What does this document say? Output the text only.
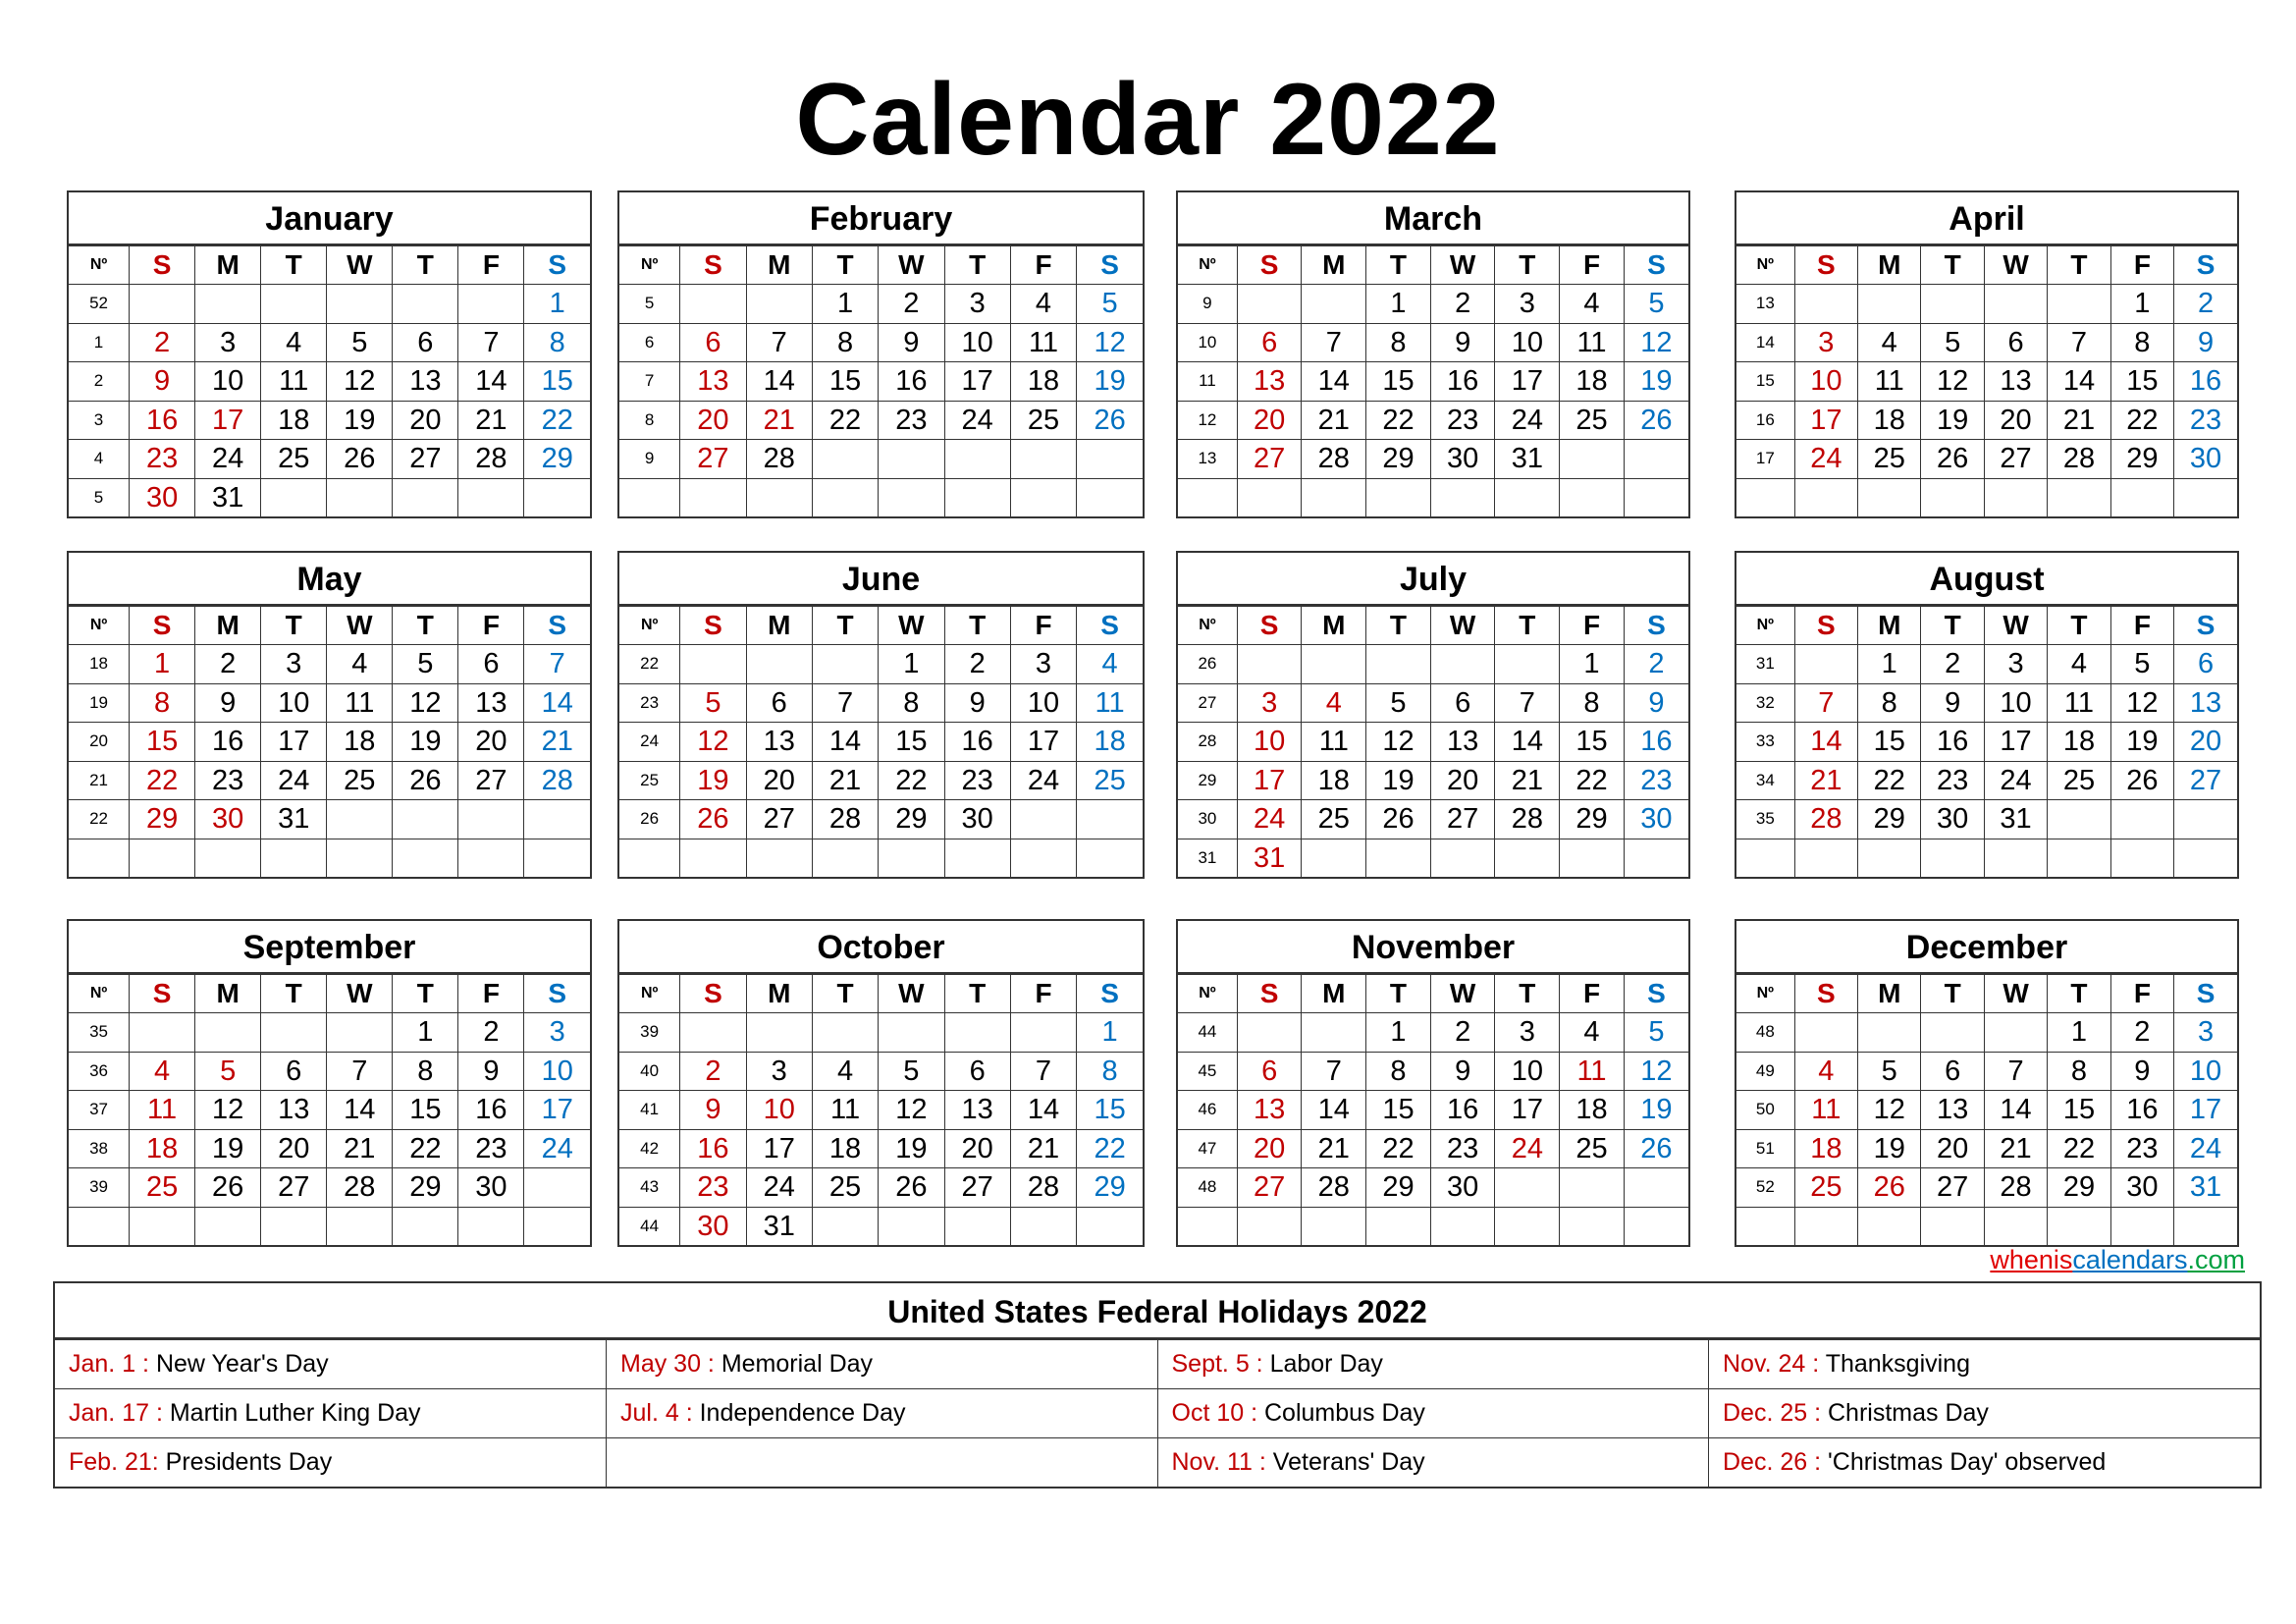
Calendar 2022
January
Nº	S	M	T	W	T	F	S
52							1
1	2	3	4	5	6	7	8
2	9	10	11	12	13	14	15
3	16	17	18	19	20	21	22
4	23	24	25	26	27	28	29
5	30	31					
February
Nº	S	M	T	W	T	F	S
5			1	2	3	4	5
6	6	7	8	9	10	11	12
7	13	14	15	16	17	18	19
8	20	21	22	23	24	25	26
9	27	28					

March
Nº	S	M	T	W	T	F	S
9			1	2	3	4	5
10	6	7	8	9	10	11	12
11	13	14	15	16	17	18	19
12	20	21	22	23	24	25	26
13	27	28	29	30	31		

April
Nº	S	M	T	W	T	F	S
13						1	2
14	3	4	5	6	7	8	9
15	10	11	12	13	14	15	16
16	17	18	19	20	21	22	23
17	24	25	26	27	28	29	30

May
Nº	S	M	T	W	T	F	S
18	1	2	3	4	5	6	7
19	8	9	10	11	12	13	14
20	15	16	17	18	19	20	21
21	22	23	24	25	26	27	28
22	29	30	31				

June
Nº	S	M	T	W	T	F	S
22				1	2	3	4
23	5	6	7	8	9	10	11
24	12	13	14	15	16	17	18
25	19	20	21	22	23	24	25
26	26	27	28	29	30		

July
Nº	S	M	T	W	T	F	S
26						1	2
27	3	4	5	6	7	8	9
28	10	11	12	13	14	15	16
29	17	18	19	20	21	22	23
30	24	25	26	27	28	29	30
31	31						
August
Nº	S	M	T	W	T	F	S
31		1	2	3	4	5	6
32	7	8	9	10	11	12	13
33	14	15	16	17	18	19	20
34	21	22	23	24	25	26	27
35	28	29	30	31			

September
Nº	S	M	T	W	T	F	S
35					1	2	3
36	4	5	6	7	8	9	10
37	11	12	13	14	15	16	17
38	18	19	20	21	22	23	24
39	25	26	27	28	29	30	

October
Nº	S	M	T	W	T	F	S
39							1
40	2	3	4	5	6	7	8
41	9	10	11	12	13	14	15
42	16	17	18	19	20	21	22
43	23	24	25	26	27	28	29
44	30	31					
November
Nº	S	M	T	W	T	F	S
44			1	2	3	4	5
45	6	7	8	9	10	11	12
46	13	14	15	16	17	18	19
47	20	21	22	23	24	25	26
48	27	28	29	30			

December
Nº	S	M	T	W	T	F	S
48					1	2	3
49	4	5	6	7	8	9	10
50	11	12	13	14	15	16	17
51	18	19	20	21	22	23	24
52	25	26	27	28	29	30	31

wheniscalendars.com
United States Federal Holidays 2022
Jan. 1 : New Year's Day	May 30 : Memorial Day	Sept. 5 : Labor Day	Nov. 24 : Thanksgiving
Jan. 17 : Martin Luther King Day	Jul. 4 : Independence Day	Oct 10 : Columbus Day	Dec. 25 : Christmas Day
Feb. 21: Presidents Day		Nov. 11 : Veterans' Day	Dec. 26 : 'Christmas Day' observed
